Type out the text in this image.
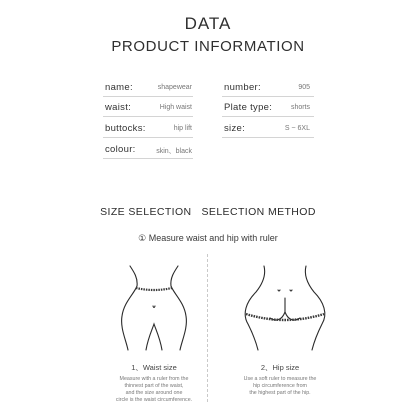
DATA
PRODUCT INFORMATION
name:	shapewear	number:	905
waist:	High waist	Plate type:	shorts
buttocks:	hip lift	size:	S ~ 6XL
colour:	skin、black
SIZE SELECTION SELECTION METHOD
① Measure waist and hip with ruler
1、Waist size	2、Hip size
Measure with a ruler from the
thinnest part of the waist,
and the size around one
circle is the waist circumference.
Use a soft ruler to measure the
hip circumference from
the highest part of the hip.
